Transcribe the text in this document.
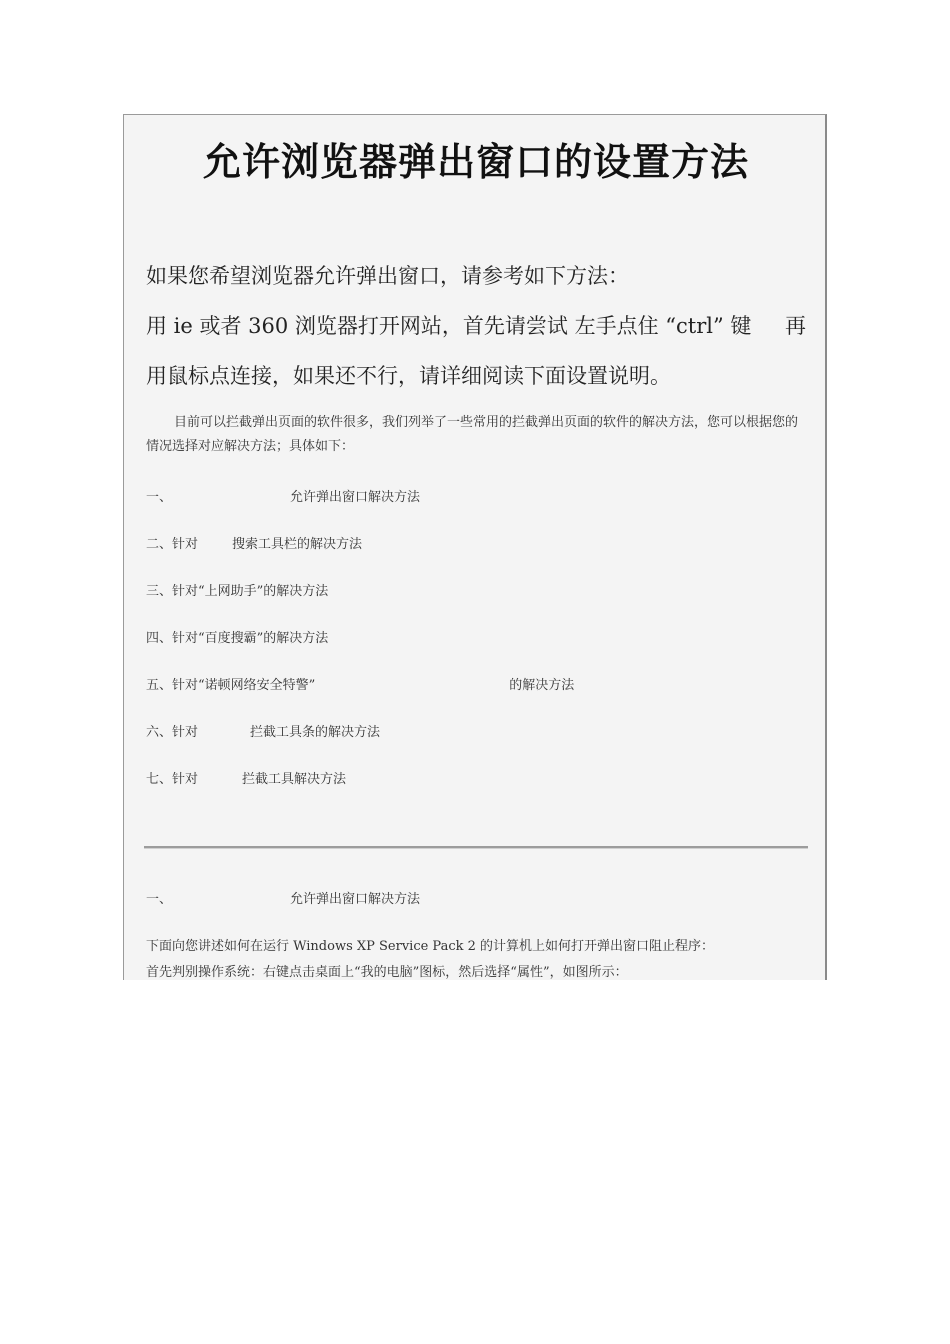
允许浏览器弹出窗口的设置方法
如果您希望浏览器允许弹出窗口，请参考如下方法：
用 ie 或者 360 浏览器打开网站，首先请尝试 左手点住 “ctrl” 键 再
用鼠标点连接，如果还不行，请详细阅读下面设置说明。
目前可以拦截弹出页面的软件很多，我们列举了一些常用的拦截弹出页面的软件的解决方法，您可以根据您的情况选择对应解决方法；具体如下：
一、	允许弹出窗口解决方法
二、针对	搜索工具栏的解决方法
三、针对“上网助手”的解决方法
四、针对“百度搜霸”的解决方法
五、针对“诺顿网络安全特警”	的解决方法
六、针对	拦截工具条的解决方法
七、针对	拦截工具解决方法
一、	允许弹出窗口解决方法
下面向您讲述如何在运行 Windows XP Service Pack 2 的计算机上如何打开弹出窗口阻止程序：
首先判别操作系统：右键点击桌面上“我的电脑”图标，然后选择“属性”，如图所示：
